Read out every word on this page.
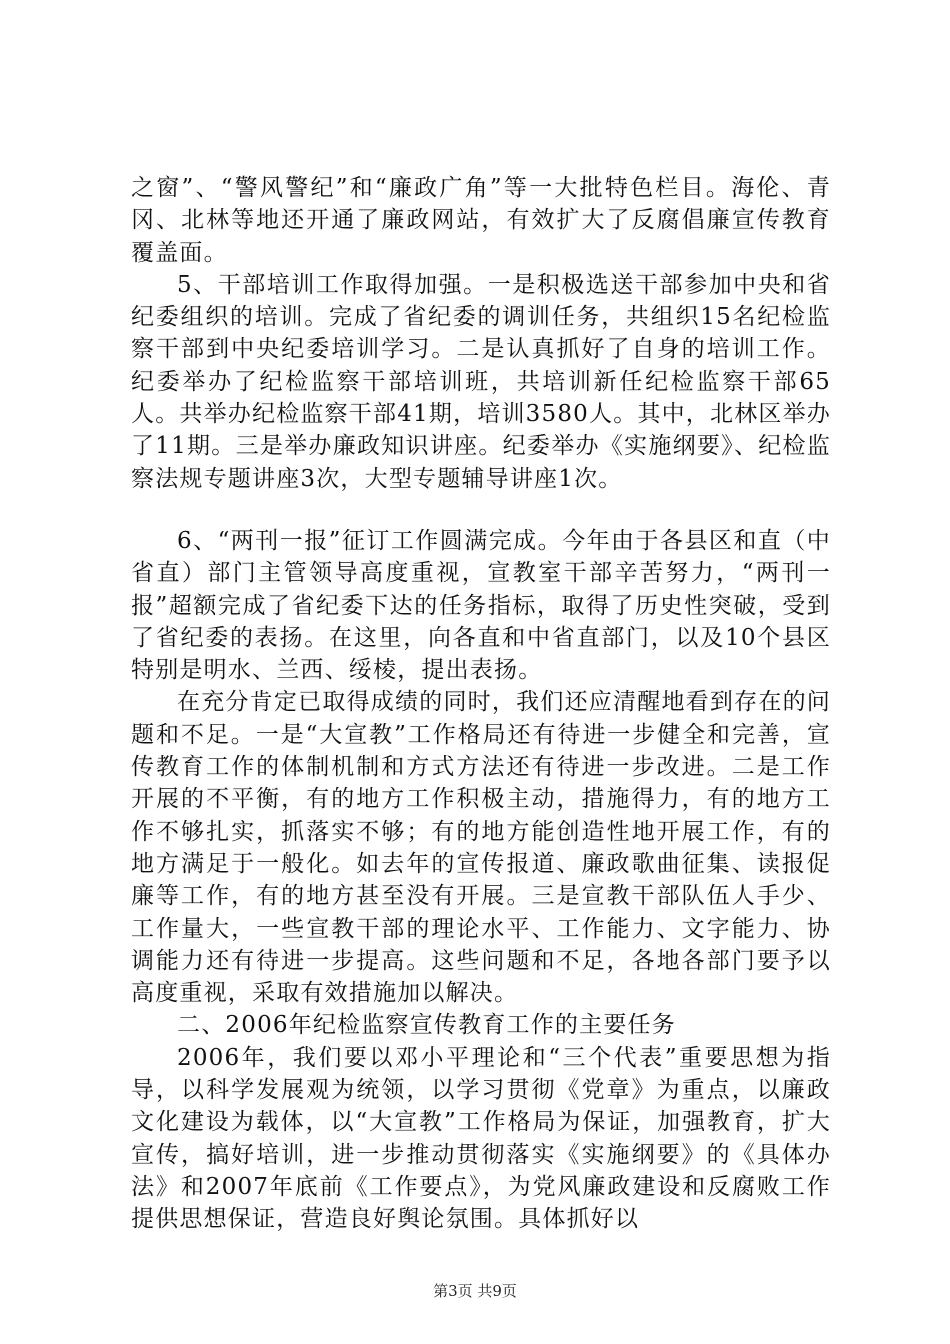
之窗”、“警风警纪”和“廉政广角”等一大批特色栏目。海伦、青冈、北林等地还开通了廉政网站，有效扩大了反腐倡廉宣传教育覆盖面。

5、干部培训工作取得加强。一是积极选送干部参加中央和省纪委组织的培训。完成了省纪委的调训任务，共组织15名纪检监察干部到中央纪委培训学习。二是认真抓好了自身的培训工作。纪委举办了纪检监察干部培训班，共培训新任纪检监察干部65人。共举办纪检监察干部41期，培训3580人。其中，北林区举办了11期。三是举办廉政知识讲座。纪委举办《实施纲要》、纪检监察法规专题讲座3次，大型专题辅导讲座1次。

6、“两刊一报”征订工作圆满完成。今年由于各县区和直（中省直）部门主管领导高度重视，宣教室干部辛苦努力，“两刊一报”超额完成了省纪委下达的任务指标，取得了历史性突破，受到了省纪委的表扬。在这里，向各直和中省直部门，以及10个县区特别是明水、兰西、绥棱，提出表扬。

在充分肯定已取得成绩的同时，我们还应清醒地看到存在的问题和不足。一是“大宣教”工作格局还有待进一步健全和完善，宣传教育工作的体制机制和方式方法还有待进一步改进。二是工作开展的不平衡，有的地方工作积极主动，措施得力，有的地方工作不够扎实，抓落实不够；有的地方能创造性地开展工作，有的地方满足于一般化。如去年的宣传报道、廉政歌曲征集、读报促廉等工作，有的地方甚至没有开展。三是宣教干部队伍人手少、工作量大，一些宣教干部的理论水平、工作能力、文字能力、协调能力还有待进一步提高。这些问题和不足，各地各部门要予以高度重视，采取有效措施加以解决。

二、2006年纪检监察宣传教育工作的主要任务

2006年，我们要以邓小平理论和“三个代表”重要思想为指导，以科学发展观为统领，以学习贯彻《党章》为重点，以廉政文化建设为载体，以“大宣教”工作格局为保证，加强教育，扩大宣传，搞好培训，进一步推动贯彻落实《实施纲要》的《具体办法》和2007年底前《工作要点》，为党风廉政建设和反腐败工作提供思想保证，营造良好舆论氛围。具体抓好以

第3页 共9页
